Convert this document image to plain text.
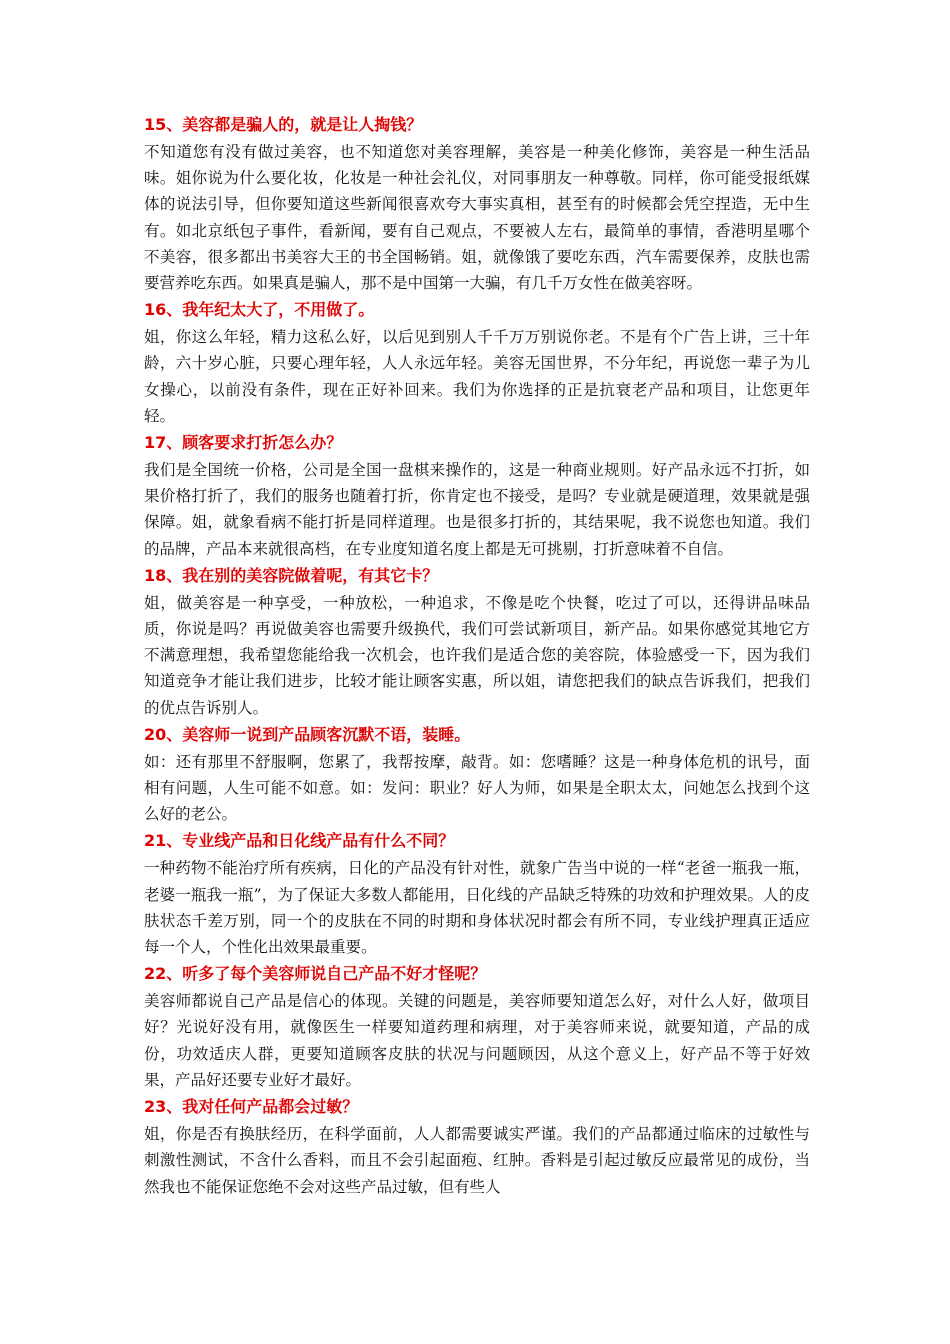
15、美容都是骗人的，就是让人掏钱？
不知道您有没有做过美容，也不知道您对美容理解，美容是一种美化修饰，美容是一种生活品味。姐你说为什么要化妆，化妆是一种社会礼仪，对同事朋友一种尊敬。同样，你可能受报纸媒体的说法引导，但你要知道这些新闻很喜欢夸大事实真相，甚至有的时候都会凭空捏造，无中生有。如北京纸包子事件，看新闻，要有自己观点，不要被人左右，最简单的事情，香港明星哪个不美容，很多都出书美容大王的书全国畅销。姐，就像饿了要吃东西，汽车需要保养，皮肤也需要营养吃东西。如果真是骗人，那不是中国第一大骗，有几千万女性在做美容呀。
16、我年纪太大了，不用做了。
姐，你这么年轻，精力这私么好，以后见到别人千千万万别说你老。不是有个广告上讲，三十年龄，六十岁心脏，只要心理年轻，人人永远年轻。美容无国世界，不分年纪，再说您一辈子为儿女操心，以前没有条件，现在正好补回来。我们为你选择的正是抗衰老产品和项目，让您更年轻。
17、顾客要求打折怎么办？
我们是全国统一价格，公司是全国一盘棋来操作的，这是一种商业规则。好产品永远不打折，如果价格打折了，我们的服务也随着打折，你肯定也不接受，是吗？专业就是硬道理，效果就是强保障。姐，就象看病不能打折是同样道理。也是很多打折的，其结果呢，我不说您也知道。我们的品牌，产品本来就很高档，在专业度知道名度上都是无可挑剔，打折意味着不自信。
18、我在别的美容院做着呢，有其它卡？
姐，做美容是一种享受，一种放松，一种追求，不像是吃个快餐，吃过了可以，还得讲品味品质，你说是吗？再说做美容也需要升级换代，我们可尝试新项目，新产品。如果你感觉其地它方不满意理想，我希望您能给我一次机会，也许我们是适合您的美容院，体验感受一下，因为我们知道竞争才能让我们进步，比较才能让顾客实惠，所以姐，请您把我们的缺点告诉我们，把我们的优点告诉别人。
20、美容师一说到产品顾客沉默不语，装睡。
如：还有那里不舒服啊，您累了，我帮按摩，敲背。如：您嗜睡？这是一种身体危机的讯号，面相有问题，人生可能不如意。如：发问：职业？好人为师，如果是全职太太，问她怎么找到个这么好的老公。
21、专业线产品和日化线产品有什么不同？
一种药物不能治疗所有疾病，日化的产品没有针对性，就象广告当中说的一样“老爸一瓶我一瓶，老婆一瓶我一瓶”，为了保证大多数人都能用，日化线的产品缺乏特殊的功效和护理效果。人的皮肤状态千差万别，同一个的皮肤在不同的时期和身体状况时都会有所不同，专业线护理真正适应每一个人，个性化出效果最重要。
22、听多了每个美容师说自己产品不好才怪呢？
美容师都说自己产品是信心的体现。关键的问题是，美容师要知道怎么好，对什么人好，做项目好？光说好没有用，就像医生一样要知道药理和病理，对于美容师来说，就要知道，产品的成份，功效适庆人群，更要知道顾客皮肤的状况与问题顾因，从这个意义上，好产品不等于好效果，产品好还要专业好才最好。
23、我对任何产品都会过敏？
姐，你是否有换肤经历，在科学面前，人人都需要诚实严谨。我们的产品都通过临床的过敏性与刺激性测试，不含什么香料，而且不会引起面疱、红肿。香料是引起过敏反应最常见的成份，当然我也不能保证您绝不会对这些产品过敏，但有些人
